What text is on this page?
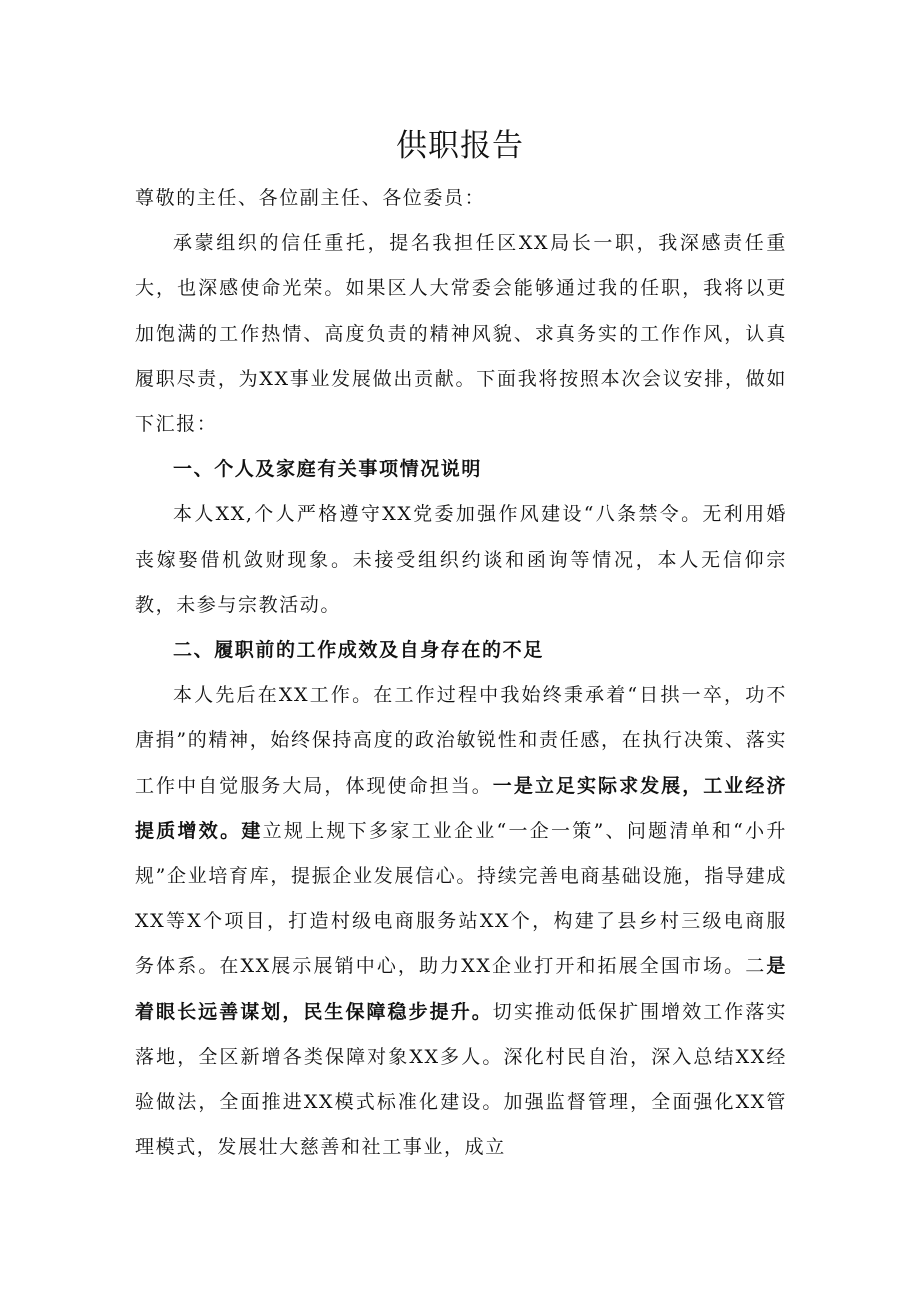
供职报告

尊敬的主任、各位副主任、各位委员：

承蒙组织的信任重托，提名我担任区XX局长一职，我深感责任重大，也深感使命光荣。如果区人大常委会能够通过我的任职，我将以更加饱满的工作热情、高度负责的精神风貌、求真务实的工作作风，认真履职尽责，为XX事业发展做出贡献。下面我将按照本次会议安排，做如下汇报：

一、个人及家庭有关事项情况说明

本人XX,个人严格遵守XX党委加强作风建设“八条禁令。无利用婚丧嫁娶借机敛财现象。未接受组织约谈和函询等情况，本人无信仰宗教，未参与宗教活动。

二、履职前的工作成效及自身存在的不足

本人先后在XX工作。在工作过程中我始终秉承着“日拱一卒，功不唐捐”的精神，始终保持高度的政治敏锐性和责任感，在执行决策、落实工作中自觉服务大局，体现使命担当。一是立足实际求发展，工业经济提质增效。建立规上规下多家工业企业“一企一策”、问题清单和“小升规”企业培育库，提振企业发展信心。持续完善电商基础设施，指导建成XX等X个项目，打造村级电商服务站XX个，构建了县乡村三级电商服务体系。在XX展示展销中心，助力XX企业打开和拓展全国市场。二是着眼长远善谋划，民生保障稳步提升。切实推动低保扩围增效工作落实落地，全区新增各类保障对象XX多人。深化村民自治，深入总结XX经验做法，全面推进XX模式标准化建设。加强监督管理，全面强化XX管理模式，发展壮大慈善和社工事业，成立
